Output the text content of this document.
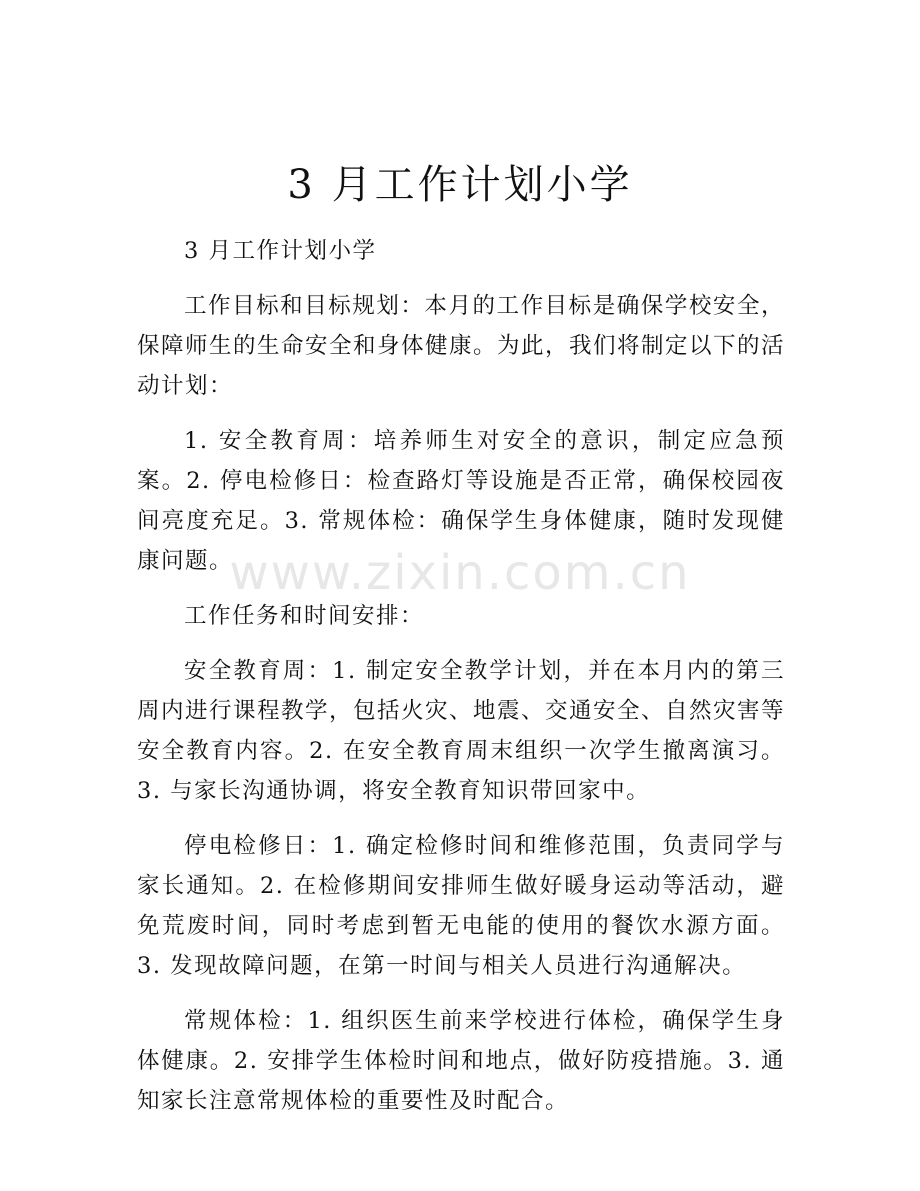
3 月工作计划小学

3 月工作计划小学

工作目标和目标规划：本月的工作目标是确保学校安全，保障师生的生命安全和身体健康。为此，我们将制定以下的活动计划：

1. 安全教育周：培养师生对安全的意识，制定应急预案。2. 停电检修日：检查路灯等设施是否正常，确保校园夜间亮度充足。3. 常规体检：确保学生身体健康，随时发现健康问题。

工作任务和时间安排：

安全教育周：1. 制定安全教学计划，并在本月内的第三周内进行课程教学，包括火灾、地震、交通安全、自然灾害等安全教育内容。2. 在安全教育周末组织一次学生撤离演习。3. 与家长沟通协调，将安全教育知识带回家中。

停电检修日：1. 确定检修时间和维修范围，负责同学与家长通知。2. 在检修期间安排师生做好暖身运动等活动，避免荒废时间，同时考虑到暂无电能的使用的餐饮水源方面。3. 发现故障问题，在第一时间与相关人员进行沟通解决。

常规体检：1. 组织医生前来学校进行体检，确保学生身体健康。2. 安排学生体检时间和地点，做好防疫措施。3. 通知家长注意常规体检的重要性及时配合。

www.zixin.com.cn
